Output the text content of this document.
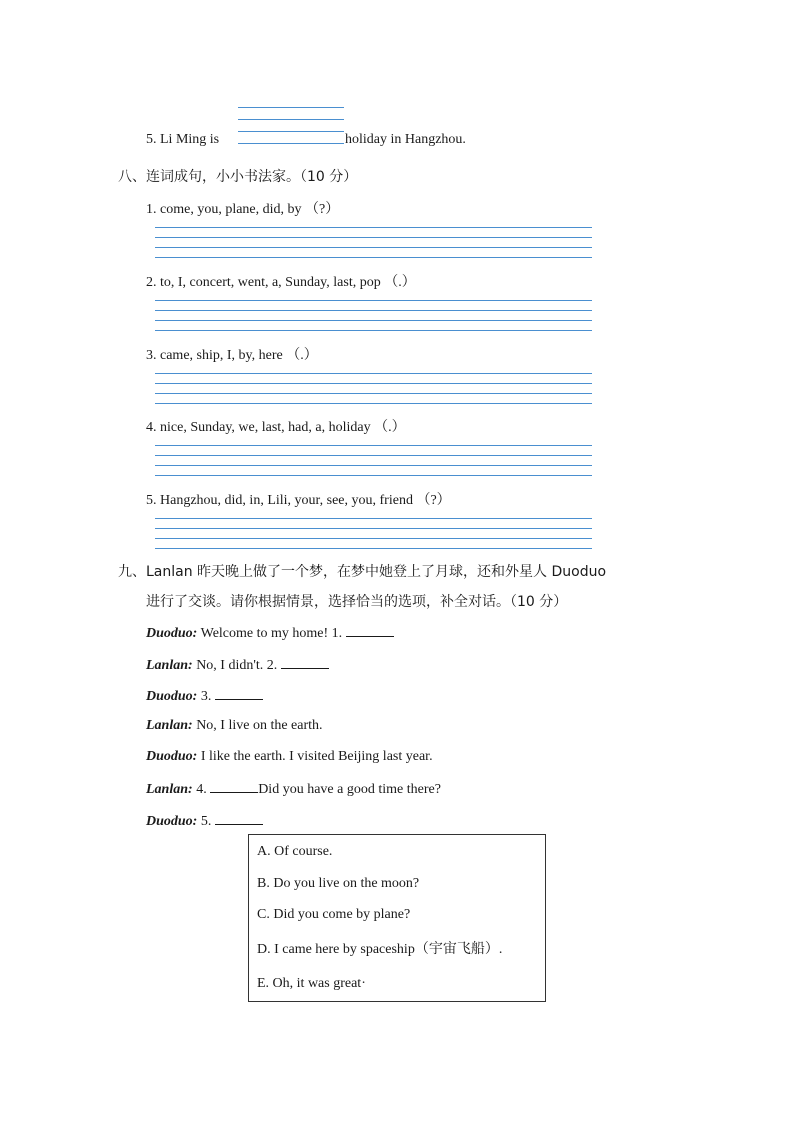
5. Li Ming is	holiday in Hangzhou.
八、连词成句，小小书法家。（10 分）
1. come, you, plane, did, by （?）
2. to, I, concert, went, a, Sunday, last, pop （.）
3. came, ship, I, by, here （.）
4. nice, Sunday, we, last, had, a, holiday （.）
5. Hangzhou, did, in, Lili, your, see, you, friend （?）
九、Lanlan 昨天晚上做了一个梦，在梦中她登上了月球，还和外星人 Duoduo
进行了交谈。请你根据情景，选择恰当的选项，补全对话。（10 分）
Duoduo: Welcome to my home! 1.
Lanlan: No, I didn't. 2.
Duoduo: 3.
Lanlan: No, I live on the earth.
Duoduo: I like the earth. I visited Beijing last year.
Lanlan: 4.	Did you have a good time there?
Duoduo: 5.
A. Of course.
B. Do you live on the moon?
C. Did you come by plane?
D. I came here by spaceship（宇宙飞船）.
E. Oh, it was great·
